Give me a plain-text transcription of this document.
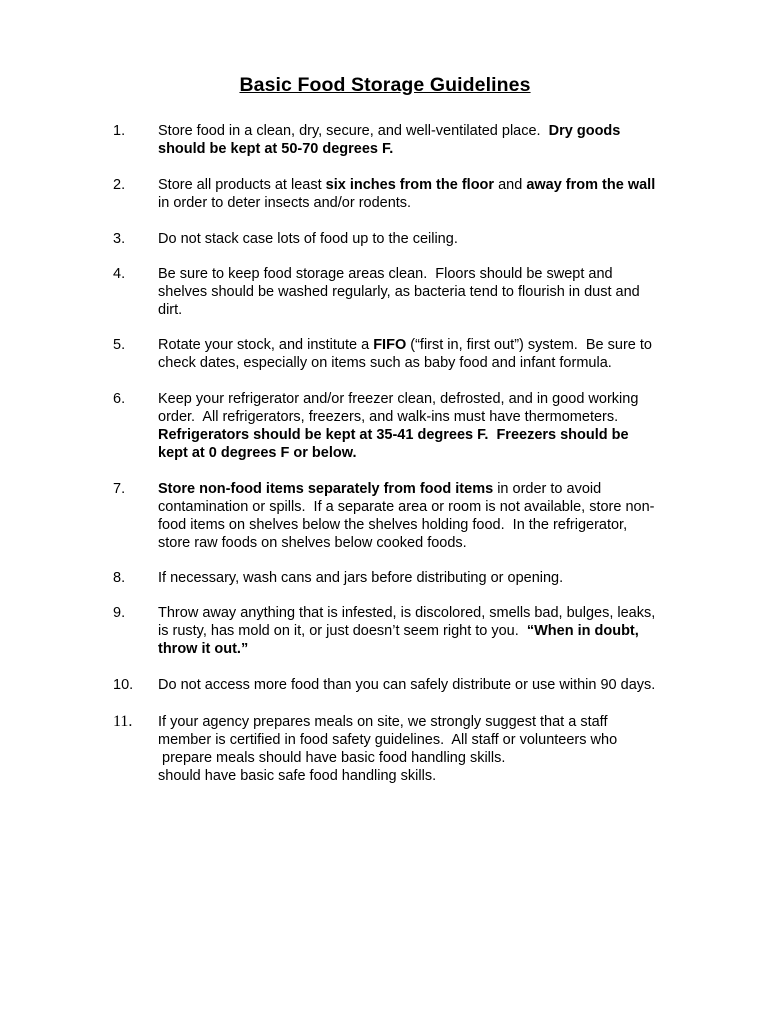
Basic Food Storage Guidelines
1. Store food in a clean, dry, secure, and well-ventilated place.  Dry goods
should be kept at 50-70 degrees F.
2. Store all products at least six inches from the floor and away from the wall
in order to deter insects and/or rodents.
3. Do not stack case lots of food up to the ceiling.
4. Be sure to keep food storage areas clean.  Floors should be swept and
shelves should be washed regularly, as bacteria tend to flourish in dust and
dirt.
5. Rotate your stock, and institute a FIFO (“first in, first out”) system.  Be sure to
check dates, especially on items such as baby food and infant formula.
6. Keep your refrigerator and/or freezer clean, defrosted, and in good working
order.  All refrigerators, freezers, and walk-ins must have thermometers.
Refrigerators should be kept at 35-41 degrees F.  Freezers should be
kept at 0 degrees F or below.
7. Store non-food items separately from food items in order to avoid
contamination or spills.  If a separate area or room is not available, store non-
food items on shelves below the shelves holding food.  In the refrigerator,
store raw foods on shelves below cooked foods.
8. If necessary, wash cans and jars before distributing or opening.
9. Throw away anything that is infested, is discolored, smells bad, bulges, leaks,
is rusty, has mold on it, or just doesn’t seem right to you.  “When in doubt,
throw it out.”
10. Do not access more food than you can safely distribute or use within 90 days.
11. If your agency prepares meals on site, we strongly suggest that a staff
member is certified in food safety guidelines.  All staff or volunteers who
prepare meals should have basic food handling skills.
should have basic safe food handling skills.
